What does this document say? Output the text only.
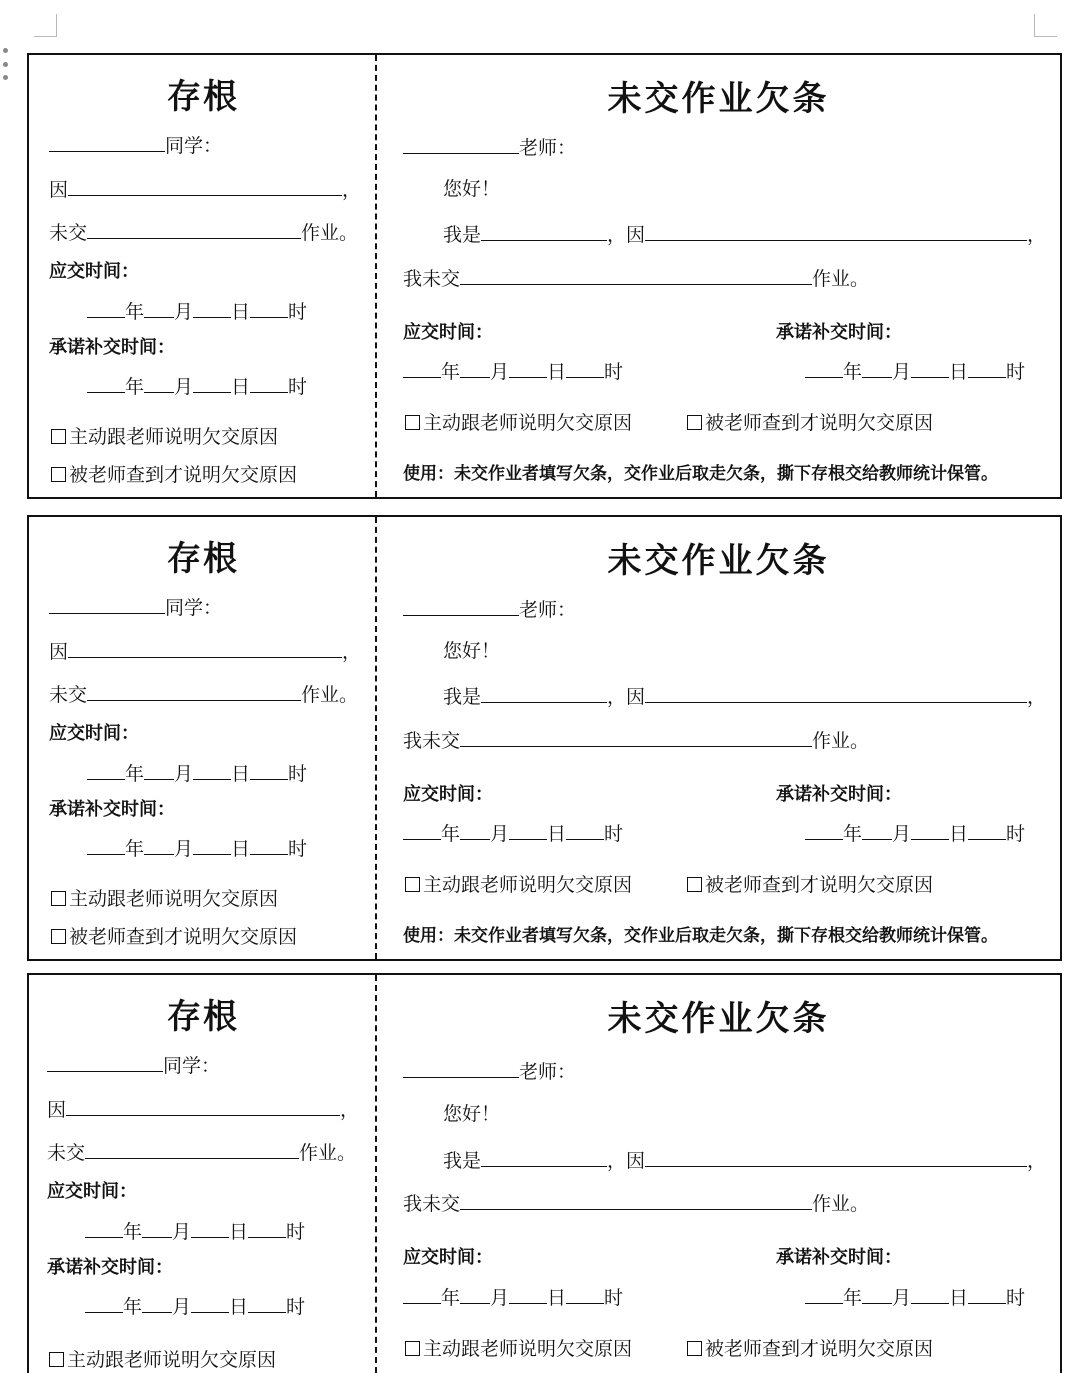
存根
同学：
因	，
未交	作业。
应交时间：
年 月 日 时
承诺补交时间：
年 月 日 时
主动跟老师说明欠交原因
被老师查到才说明欠交原因
未交作业欠条
老师：
您好！
我是	，因	，
我未交	作业。
应交时间：	承诺补交时间：
年 月 日 时	年 月 日 时
主动跟老师说明欠交原因	被老师查到才说明欠交原因
使用：未交作业者填写欠条，交作业后取走欠条，撕下存根交给教师统计保管。
存根
同学：
因	，
未交	作业。
应交时间：
年 月 日 时
承诺补交时间：
年 月 日 时
主动跟老师说明欠交原因
被老师查到才说明欠交原因
未交作业欠条
老师：
您好！
我是	，因	，
我未交	作业。
应交时间：	承诺补交时间：
年 月 日 时	年 月 日 时
主动跟老师说明欠交原因	被老师查到才说明欠交原因
使用：未交作业者填写欠条，交作业后取走欠条，撕下存根交给教师统计保管。
存根
同学：
因	，
未交	作业。
应交时间：
年 月 日 时
承诺补交时间：
年 月 日 时
主动跟老师说明欠交原因
未交作业欠条
老师：
您好！
我是	，因	，
我未交	作业。
应交时间：	承诺补交时间：
年 月 日 时	年 月 日 时
主动跟老师说明欠交原因	被老师查到才说明欠交原因
